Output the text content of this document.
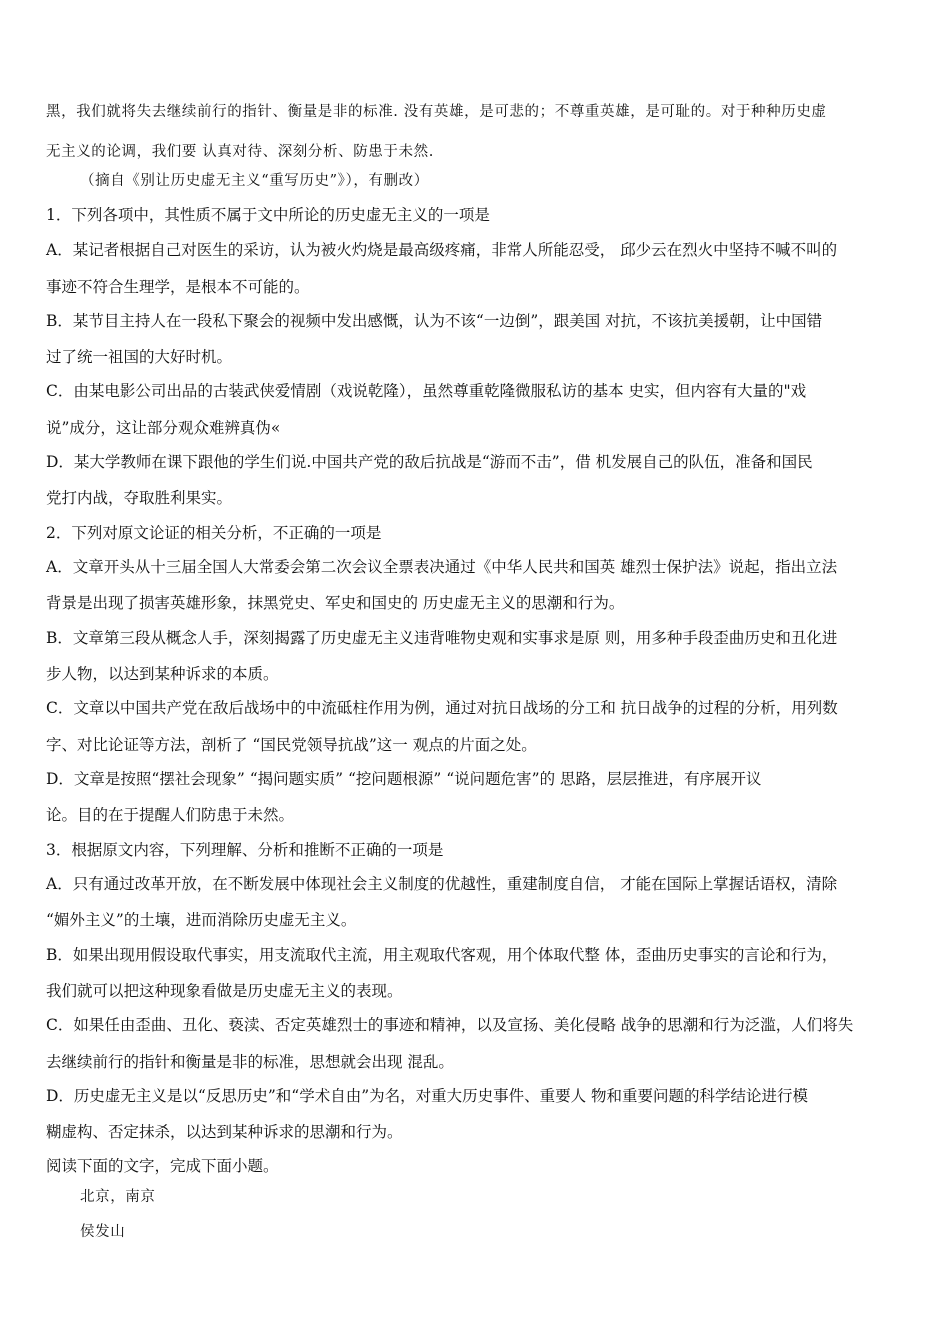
黑，我们就将失去继续前行的指针、衡量是非的标准. 没有英雄，是可悲的；不尊重英雄，是可耻的。对于种种历史虚
无主义的论调，我们要 认真对待、深刻分析、防患于未然.
（摘自《别让历史虚无主义“重写历史”》），有删改）
1．下列各项中，其性质不属于文中所论的历史虚无主义的一项是
A．某记者根据自己对医生的采访，认为被火灼烧是最高级疼痛，非常人所能忍受， 邱少云在烈火中坚持不喊不叫的
事迹不符合生理学，是根本不可能的。
B．某节目主持人在一段私下聚会的视频中发出感慨，认为不该“一边倒”，跟美国 对抗，不该抗美援朝，让中国错
过了统一祖国的大好时机。
C．由某电影公司出品的古装武侠爱情剧（戏说乾隆），虽然尊重乾隆微服私访的基本 史实，但内容有大量的"戏
说”成分，这让部分观众难辨真伪«
D．某大学教师在课下跟他的学生们说.中国共产党的敌后抗战是“游而不击”，借 机发展自己的队伍，准备和国民
党打内战，夺取胜利果实。
2．下列对原文论证的相关分析，不正确的一项是
A．文章开头从十三届全国人大常委会第二次会议全票表决通过《中华人民共和国英 雄烈士保护法》说起，指出立法
背景是出现了损害英雄形象，抹黑党史、军史和国史的 历史虚无主义的思潮和行为。
B．文章第三段从概念人手，深刻揭露了历史虚无主义违背唯物史观和实事求是原 则，用多种手段歪曲历史和丑化进
步人物，以达到某种诉求的本质。
C．文章以中国共产党在敌后战场中的中流砥柱作用为例，通过对抗日战场的分工和 抗日战争的过程的分析，用列数
字、对比论证等方法，剖析了 “国民党领导抗战”这一 观点的片面之处。
D．文章是按照“摆社会现象” “揭问题实质” “挖问题根源” “说问题危害”的 思路，层层推进，有序展开议
论。目的在于提醒人们防患于未然。
3．根据原文内容，下列理解、分析和推断不正确的一项是
A．只有通过改革开放，在不断发展中体现社会主义制度的优越性，重建制度自信， 才能在国际上掌握话语权，清除
“媚外主义”的土壤，进而消除历史虚无主义。
B．如果出现用假设取代事实，用支流取代主流，用主观取代客观，用个体取代整 体，歪曲历史事实的言论和行为，
我们就可以把这种现象看做是历史虚无主义的表现。
C．如果任由歪曲、丑化、亵渎、否定英雄烈士的事迹和精神，以及宣扬、美化侵略 战争的思潮和行为泛滥，人们将失
去继续前行的指针和衡量是非的标准，思想就会出现 混乱。
D．历史虚无主义是以“反思历史”和“学术自由”为名，对重大历史事件、重要人 物和重要问题的科学结论进行模
糊虚构、否定抹杀，以达到某种诉求的思潮和行为。
阅读下面的文字，完成下面小题。
北京，南京
侯发山
